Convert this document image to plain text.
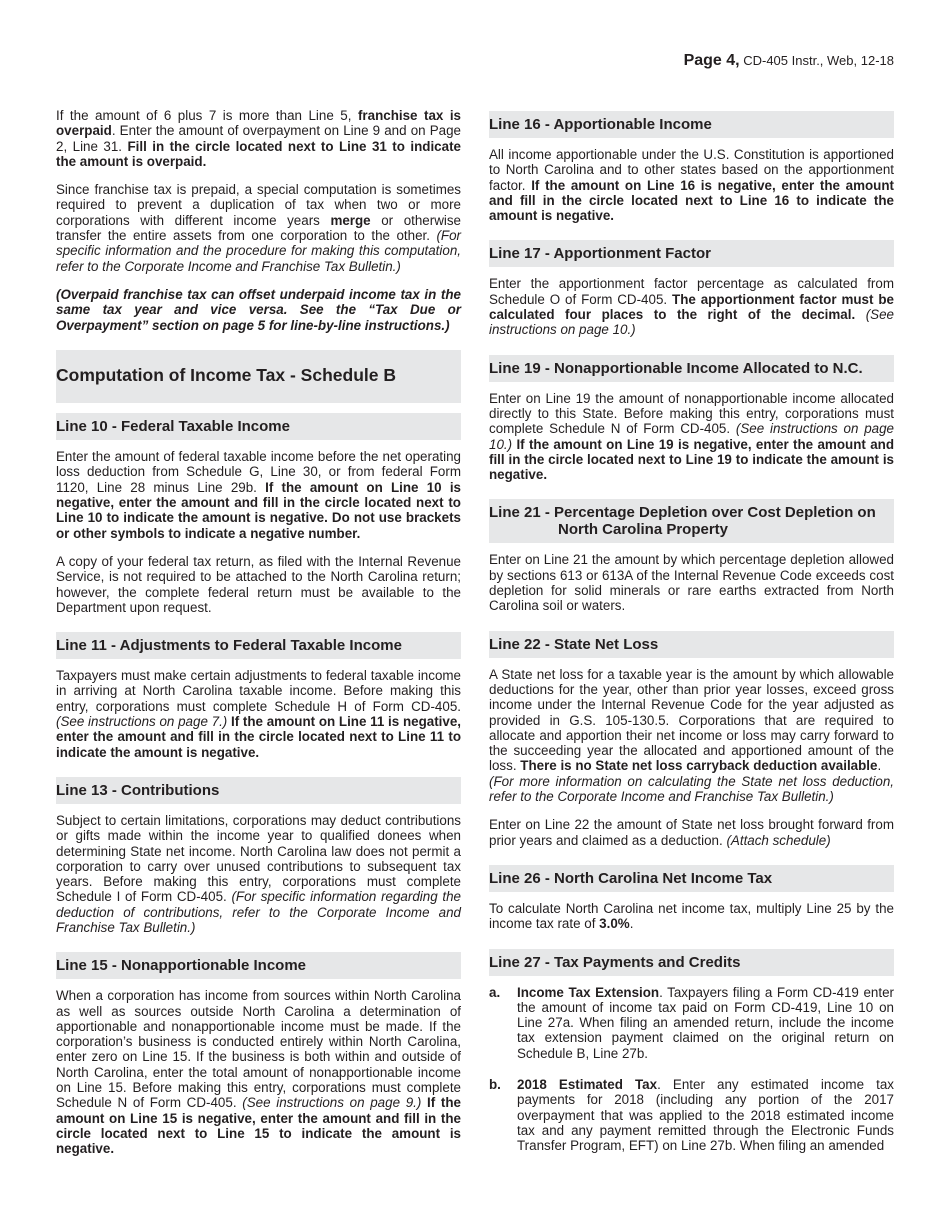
Page 4, CD-405 Instr., Web, 12-18

If the amount of 6 plus 7 is more than Line 5, franchise tax is overpaid. Enter the amount of overpayment on Line 9 and on Page 2, Line 31. Fill in the circle located next to Line 31 to indicate the amount is overpaid.

Since franchise tax is prepaid, a special computation is sometimes required to prevent a duplication of tax when two or more corporations with different income years merge or otherwise transfer the entire assets from one corporation to the other. (For specific information and the procedure for making this computation, refer to the Corporate Income and Franchise Tax Bulletin.)

(Overpaid franchise tax can offset underpaid income tax in the same tax year and vice versa. See the “Tax Due or Overpayment” section on page 5 for line-by-line instructions.)

Computation of Income Tax - Schedule B
Line 10 - Federal Taxable Income

Enter the amount of federal taxable income before the net operating loss deduction from Schedule G, Line 30, or from federal Form 1120, Line 28 minus Line 29b. If the amount on Line 10 is negative, enter the amount and fill in the circle located next to Line 10 to indicate the amount is negative. Do not use brackets or other symbols to indicate a negative number.

A copy of your federal tax return, as filed with the Internal Revenue Service, is not required to be attached to the North Carolina return; however, the complete federal return must be available to the Department upon request.

Line 11 - Adjustments to Federal Taxable Income

Taxpayers must make certain adjustments to federal taxable income in arriving at North Carolina taxable income. Before making this entry, corporations must complete Schedule H of Form CD-405. (See instructions on page 7.) If the amount on Line 11 is negative, enter the amount and fill in the circle located next to Line 11 to indicate the amount is negative.

Line 13 - Contributions

Subject to certain limitations, corporations may deduct contributions or gifts made within the income year to qualified donees when determining State net income. North Carolina law does not permit a corporation to carry over unused contributions to subsequent tax years. Before making this entry, corporations must complete Schedule I of Form CD-405. (For specific information regarding the deduction of contributions, refer to the Corporate Income and Franchise Tax Bulletin.)

Line 15 - Nonapportionable Income

When a corporation has income from sources within North Carolina as well as sources outside North Carolina a determination of apportionable and nonapportionable income must be made. If the corporation’s business is conducted entirely within North Carolina, enter zero on Line 15. If the business is both within and outside of North Carolina, enter the total amount of nonapportionable income on Line 15. Before making this entry, corporations must complete Schedule N of Form CD-405. (See instructions on page 9.) If the amount on Line 15 is negative, enter the amount and fill in the circle located next to Line 15 to indicate the amount is negative.

Line 16 - Apportionable Income

All income apportionable under the U.S. Constitution is apportioned to North Carolina and to other states based on the apportionment factor. If the amount on Line 16 is negative, enter the amount and fill in the circle located next to Line 16 to indicate the amount is negative.

Line 17 - Apportionment Factor

Enter the apportionment factor percentage as calculated from Schedule O of Form CD-405. The apportionment factor must be calculated four places to the right of the decimal. (See instructions on page 10.)

Line 19 - Nonapportionable Income Allocated to N.C.

Enter on Line 19 the amount of nonapportionable income allocated directly to this State. Before making this entry, corporations must complete Schedule N of Form CD-405. (See instructions on page 10.) If the amount on Line 19 is negative, enter the amount and fill in the circle located next to Line 19 to indicate the amount is negative.

Line 21 - Percentage Depletion over Cost Depletion on North Carolina Property

Enter on Line 21 the amount by which percentage depletion allowed by sections 613 or 613A of the Internal Revenue Code exceeds cost depletion for solid minerals or rare earths extracted from North Carolina soil or waters.

Line 22 - State Net Loss

A State net loss for a taxable year is the amount by which allowable deductions for the year, other than prior year losses, exceed gross income under the Internal Revenue Code for the year adjusted as provided in G.S. 105-130.5. Corporations that are required to allocate and apportion their net income or loss may carry forward to the succeeding year the allocated and apportioned amount of the loss. There is no State net loss carryback deduction available.
(For more information on calculating the State net loss deduction, refer to the Corporate Income and Franchise Tax Bulletin.)

Enter on Line 22 the amount of State net loss brought forward from prior years and claimed as a deduction. (Attach schedule)

Line 26 - North Carolina Net Income Tax

To calculate North Carolina net income tax, multiply Line 25 by the income tax rate of 3.0%.

Line 27 - Tax Payments and Credits
a. Income Tax Extension. Taxpayers filing a Form CD-419 enter the amount of income tax paid on Form CD-419, Line 10 on Line 27a. When filing an amended return, include the income tax extension payment claimed on the original return on Schedule B, Line 27b.
b. 2018 Estimated Tax. Enter any estimated income tax payments for 2018 (including any portion of the 2017 overpayment that was applied to the 2018 estimated income tax and any payment remitted through the Electronic Funds Transfer Program, EFT) on Line 27b. When filing an amended
